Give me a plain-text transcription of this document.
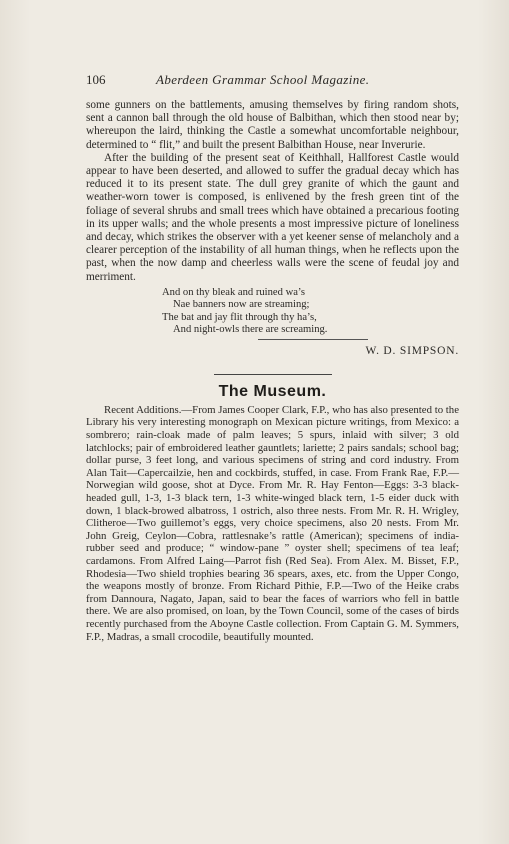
106	Aberdeen Grammar School Magazine.

some gunners on the battlements, amusing themselves by firing random shots, sent a cannon ball through the old house of Balbithan, which then stood near by; whereupon the laird, thinking the Castle a somewhat uncomfortable neighbour, determined to “ flit,” and built the present Balbithan House, near Inverurie.

After the building of the present seat of Keithhall, Hallforest Castle would appear to have been deserted, and allowed to suffer the gradual decay which has reduced it to its present state. The dull grey granite of which the gaunt and weather-worn tower is composed, is enlivened by the fresh green tint of the foliage of several shrubs and small trees which have obtained a precarious footing in its upper walls; and the whole presents a most impressive picture of loneliness and decay, which strikes the observer with a yet keener sense of melancholy and a clearer perception of the instability of all human things, when he reflects upon the past, when the now damp and cheerless walls were the scene of feudal joy and merriment.

And on thy bleak and ruined wa’s
Nae banners now are streaming;
The bat and jay flit through thy ha’s,
And night-owls there are screaming.
W. D. SIMPSON.
The Museum.

Recent Additions.—From James Cooper Clark, F.P., who has also presented to the Library his very interesting monograph on Mexican picture writings, from Mexico: a sombrero; rain-cloak made of palm leaves; 5 spurs, inlaid with silver; 3 old latchlocks; pair of embroidered leather gauntlets; lariette; 2 pairs sandals; school bag; dollar purse, 3 feet long, and various specimens of string and cord industry. From Alan Tait—Capercailzie, hen and cockbirds, stuffed, in case. From Frank Rae, F.P.—Norwegian wild goose, shot at Dyce. From Mr. R. Hay Fenton—Eggs: 3-3 black-headed gull, 1-3, 1-3 black tern, 1-3 white-winged black tern, 1-5 eider duck with down, 1 black-browed albatross, 1 ostrich, also three nests. From Mr. R. H. Wrigley, Clitheroe—Two guillemot’s eggs, very choice specimens, also 20 nests. From Mr. John Greig, Ceylon—Cobra, rattlesnake’s rattle (American); specimens of india-rubber seed and produce; “ window-pane ” oyster shell; specimens of tea leaf; cardamons. From Alfred Laing—Parrot fish (Red Sea). From Alex. M. Bisset, F.P., Rhodesia—Two shield trophies bearing 36 spears, axes, etc. from the Upper Congo, the weapons mostly of bronze. From Richard Pithie, F.P.—Two of the Heike crabs from Dannoura, Nagato, Japan, said to bear the faces of warriors who fell in battle there. We are also promised, on loan, by the Town Council, some of the cases of birds recently purchased from the Aboyne Castle collection. From Captain G. M. Symmers, F.P., Madras, a small crocodile, beautifully mounted.
